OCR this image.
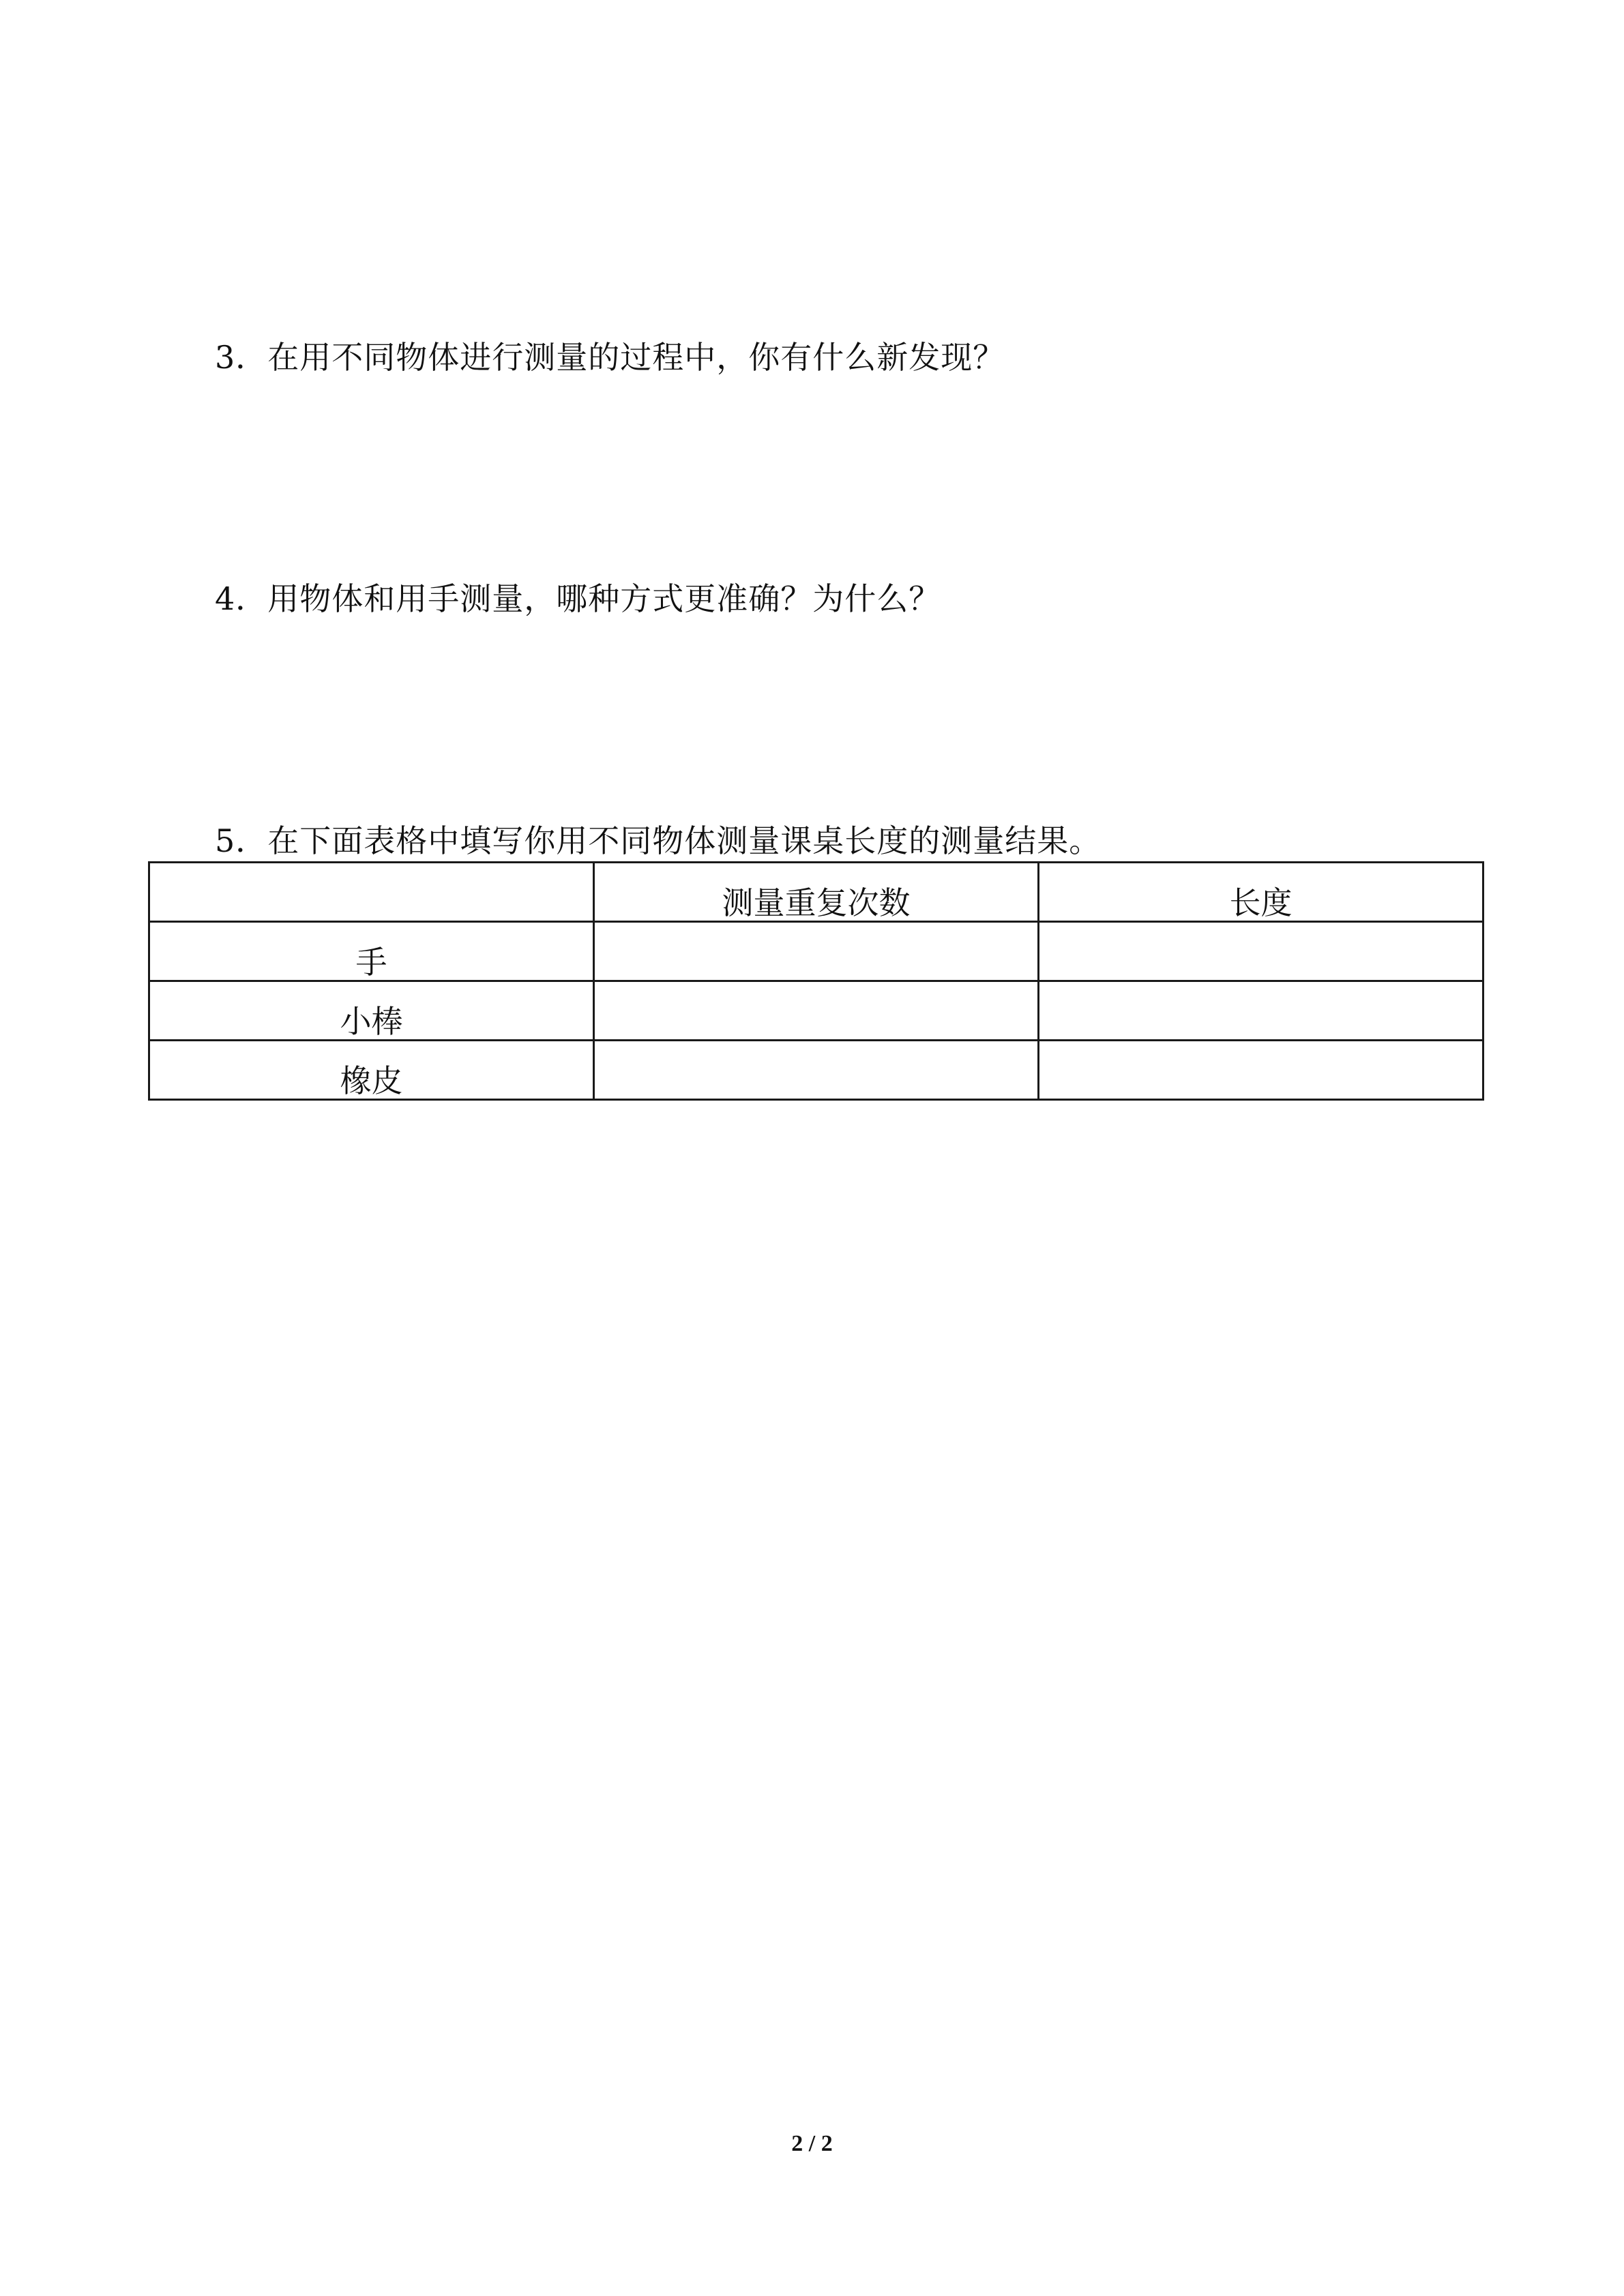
3．在用不同物体进行测量的过程中，你有什么新发现？
4．用物体和用手测量，哪种方式更准确？为什么？
5．在下面表格中填写你用不同物体测量课桌长度的测量结果。
	测量重复次数	长度
手		
小棒		
橡皮		
2 / 2
